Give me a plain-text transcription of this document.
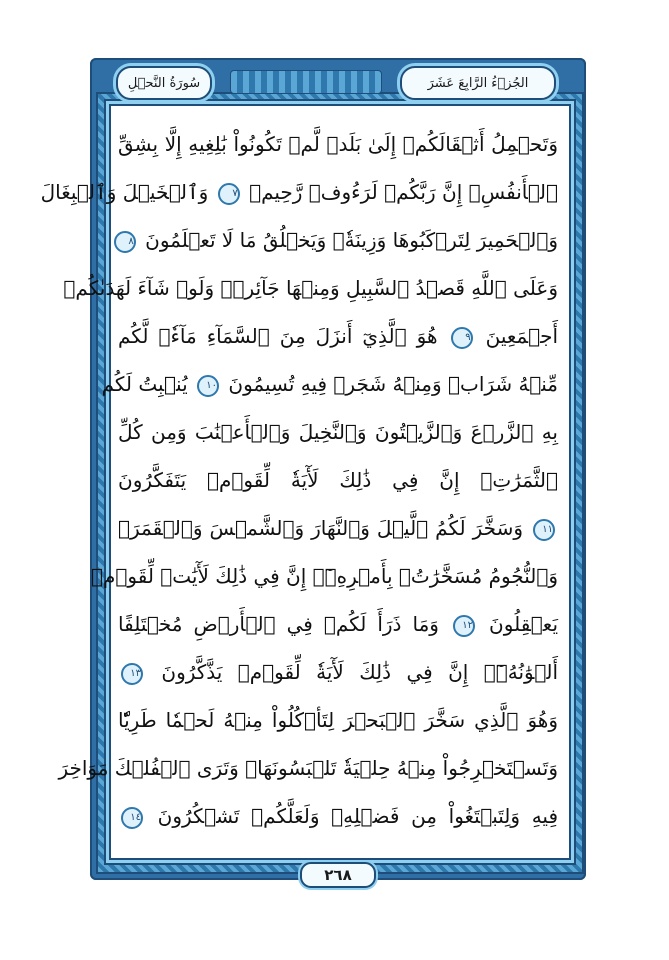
سُورَةُ النَّحۡلِ	الجُزۡءُ الرَّابِعَ عَشَرَ
وَتَحۡمِلُ أَثۡقَالَكُمۡ إِلَىٰ بَلَدٖ لَّمۡ تَكُونُواْ بَٰلِغِيهِ إِلَّا بِشِقِّ
ٱلۡأَنفُسِۚ إِنَّ رَبَّكُمۡ لَرَءُوفٞ رَّحِيمٞ ٧ وَٱلۡخَيۡلَ وَٱلۡبِغَالَ
وَٱلۡحَمِيرَ لِتَرۡكَبُوهَا وَزِينَةٗۚ وَيَخۡلُقُ مَا لَا تَعۡلَمُونَ ٨
وَعَلَى ٱللَّهِ قَصۡدُ ٱلسَّبِيلِ وَمِنۡهَا جَآئِرٞۚ وَلَوۡ شَآءَ لَهَدَىٰكُمۡ
أَجۡمَعِينَ ٩ هُوَ ٱلَّذِيٓ أَنزَلَ مِنَ ٱلسَّمَآءِ مَآءٗۖ لَّكُم
مِّنۡهُ شَرَابٞ وَمِنۡهُ شَجَرٞ فِيهِ تُسِيمُونَ ١٠ يُنۢبِتُ لَكُم
بِهِ ٱلزَّرۡعَ وَٱلزَّيۡتُونَ وَٱلنَّخِيلَ وَٱلۡأَعۡنَٰبَ وَمِن كُلِّ
ٱلثَّمَرَٰتِۚ إِنَّ فِي ذَٰلِكَ لَأٓيَةٗ لِّقَوۡمٖ يَتَفَكَّرُونَ
١١ وَسَخَّرَ لَكُمُ ٱلَّيۡلَ وَٱلنَّهَارَ وَٱلشَّمۡسَ وَٱلۡقَمَرَۖ
وَٱلنُّجُومُ مُسَخَّرَٰتُۢ بِأَمۡرِهِۦٓۚ إِنَّ فِي ذَٰلِكَ لَأٓيَٰتٖ لِّقَوۡمٖ
يَعۡقِلُونَ ١٢ وَمَا ذَرَأَ لَكُمۡ فِي ٱلۡأَرۡضِ مُخۡتَلِفًا
أَلۡوَٰنُهُۥٓۚ إِنَّ فِي ذَٰلِكَ لَأٓيَةٗ لِّقَوۡمٖ يَذَّكَّرُونَ ١٣
وَهُوَ ٱلَّذِي سَخَّرَ ٱلۡبَحۡرَ لِتَأۡكُلُواْ مِنۡهُ لَحۡمٗا طَرِيّٗا
وَتَسۡتَخۡرِجُواْ مِنۡهُ حِلۡيَةٗ تَلۡبَسُونَهَاۖ وَتَرَى ٱلۡفُلۡكَ مَوَاخِرَ
فِيهِ وَلِتَبۡتَغُواْ مِن فَضۡلِهِۦ وَلَعَلَّكُمۡ تَشۡكُرُونَ ١٤
٢٦٨
